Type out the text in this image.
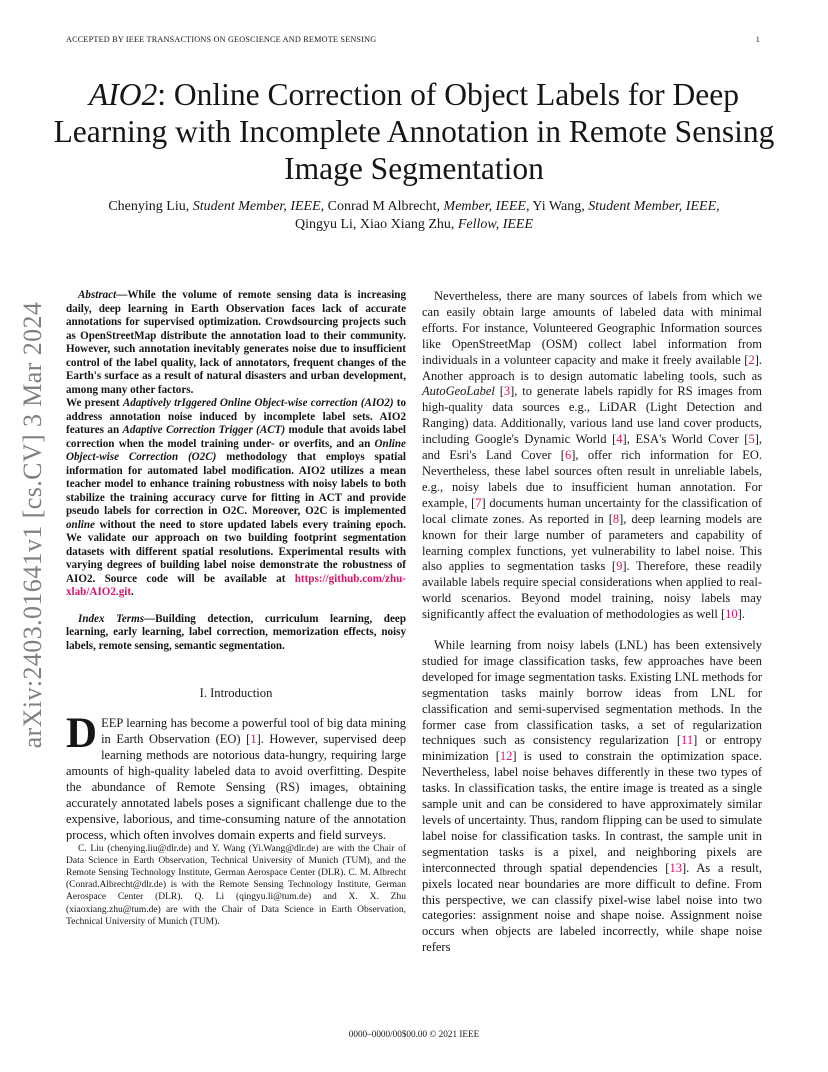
ACCEPTED BY IEEE TRANSACTIONS ON GEOSCIENCE AND REMOTE SENSING	1
AIO2: Online Correction of Object Labels for Deep Learning with Incomplete Annotation in Remote Sensing Image Segmentation
Chenying Liu, Student Member, IEEE, Conrad M Albrecht, Member, IEEE, Yi Wang, Student Member, IEEE,
Qingyu Li, Xiao Xiang Zhu, Fellow, IEEE
arXiv:2403.01641v1 [cs.CV] 3 Mar 2024

Abstract—While the volume of remote sensing data is increasing daily, deep learning in Earth Observation faces lack of accurate annotations for supervised optimization. Crowdsourcing projects such as OpenStreetMap distribute the annotation load to their community. However, such annotation inevitably generates noise due to insufficient control of the label quality, lack of annotators, frequent changes of the Earth's surface as a result of natural disasters and urban development, among many other factors.

We present Adaptively trIggered Online Object-wise correction (AIO2) to address annotation noise induced by incomplete label sets. AIO2 features an Adaptive Correction Trigger (ACT) module that avoids label correction when the model training under- or overfits, and an Online Object-wise Correction (O2C) methodology that employs spatial information for automated label modification. AIO2 utilizes a mean teacher model to enhance training robustness with noisy labels to both stabilize the training accuracy curve for fitting in ACT and provide pseudo labels for correction in O2C. Moreover, O2C is implemented online without the need to store updated labels every training epoch. We validate our approach on two building footprint segmentation datasets with different spatial resolutions. Experimental results with varying degrees of building label noise demonstrate the robustness of AIO2. Source code will be available at https://github.com/zhu-xlab/AIO2.git.

Index Terms—Building detection, curriculum learning, deep learning, early learning, label correction, memorization effects, noisy labels, remote sensing, semantic segmentation.

I. Introduction

DEEP learning has become a powerful tool of big data mining in Earth Observation (EO) [1]. However, supervised deep learning methods are notorious data-hungry, requiring large amounts of high-quality labeled data to avoid overfitting. Despite the abundance of Remote Sensing (RS) images, obtaining accurately annotated labels poses a significant challenge due to the expensive, laborious, and time-consuming nature of the annotation process, which often involves domain experts and field surveys.

C. Liu (chenying.liu@dlr.de) and Y. Wang (Yi.Wang@dlr.de) are with the Chair of Data Science in Earth Observation, Technical University of Munich (TUM), and the Remote Sensing Technology Institute, German Aerospace Center (DLR). C. M. Albrecht (Conrad.Albrecht@dlr.de) is with the Remote Sensing Technology Institute, German Aerospace Center (DLR). Q. Li (qingyu.li@tum.de) and X. X. Zhu (xiaoxiang.zhu@tum.de) are with the Chair of Data Science in Earth Observation, Technical University of Munich (TUM).

Nevertheless, there are many sources of labels from which we can easily obtain large amounts of labeled data with minimal efforts. For instance, Volunteered Geographic Information sources like OpenStreetMap (OSM) collect label information from individuals in a volunteer capacity and make it freely available [2]. Another approach is to design automatic labeling tools, such as AutoGeoLabel [3], to generate labels rapidly for RS images from high-quality data sources e.g., LiDAR (Light Detection and Ranging) data. Additionally, various land use land cover products, including Google's Dynamic World [4], ESA's World Cover [5], and Esri's Land Cover [6], offer rich information for EO. Nevertheless, these label sources often result in unreliable labels, e.g., noisy labels due to insufficient human annotation. For example, [7] documents human uncertainty for the classification of local climate zones. As reported in [8], deep learning models are known for their large number of parameters and capability of learning complex functions, yet vulnerability to label noise. This also applies to segmentation tasks [9]. Therefore, these readily available labels require special considerations when applied to real-world scenarios. Beyond model training, noisy labels may significantly affect the evaluation of methodologies as well [10].

While learning from noisy labels (LNL) has been extensively studied for image classification tasks, few approaches have been developed for image segmentation tasks. Existing LNL methods for segmentation tasks mainly borrow ideas from LNL for classification and semi-supervised segmentation methods. In the former case from classification tasks, a set of regularization techniques such as consistency regularization [11] or entropy minimization [12] is used to constrain the optimization space. Nevertheless, label noise behaves differently in these two types of tasks. In classification tasks, the entire image is treated as a single sample unit and can be considered to have approximately similar levels of uncertainty. Thus, random flipping can be used to simulate label noise for classification tasks. In contrast, the sample unit in segmentation tasks is a pixel, and neighboring pixels are interconnected through spatial dependencies [13]. As a result, pixels located near boundaries are more difficult to define. From this perspective, we can classify pixel-wise label noise into two categories: assignment noise and shape noise. Assignment noise occurs when objects are labeled incorrectly, while shape noise refers

0000–0000/00$00.00 © 2021 IEEE
